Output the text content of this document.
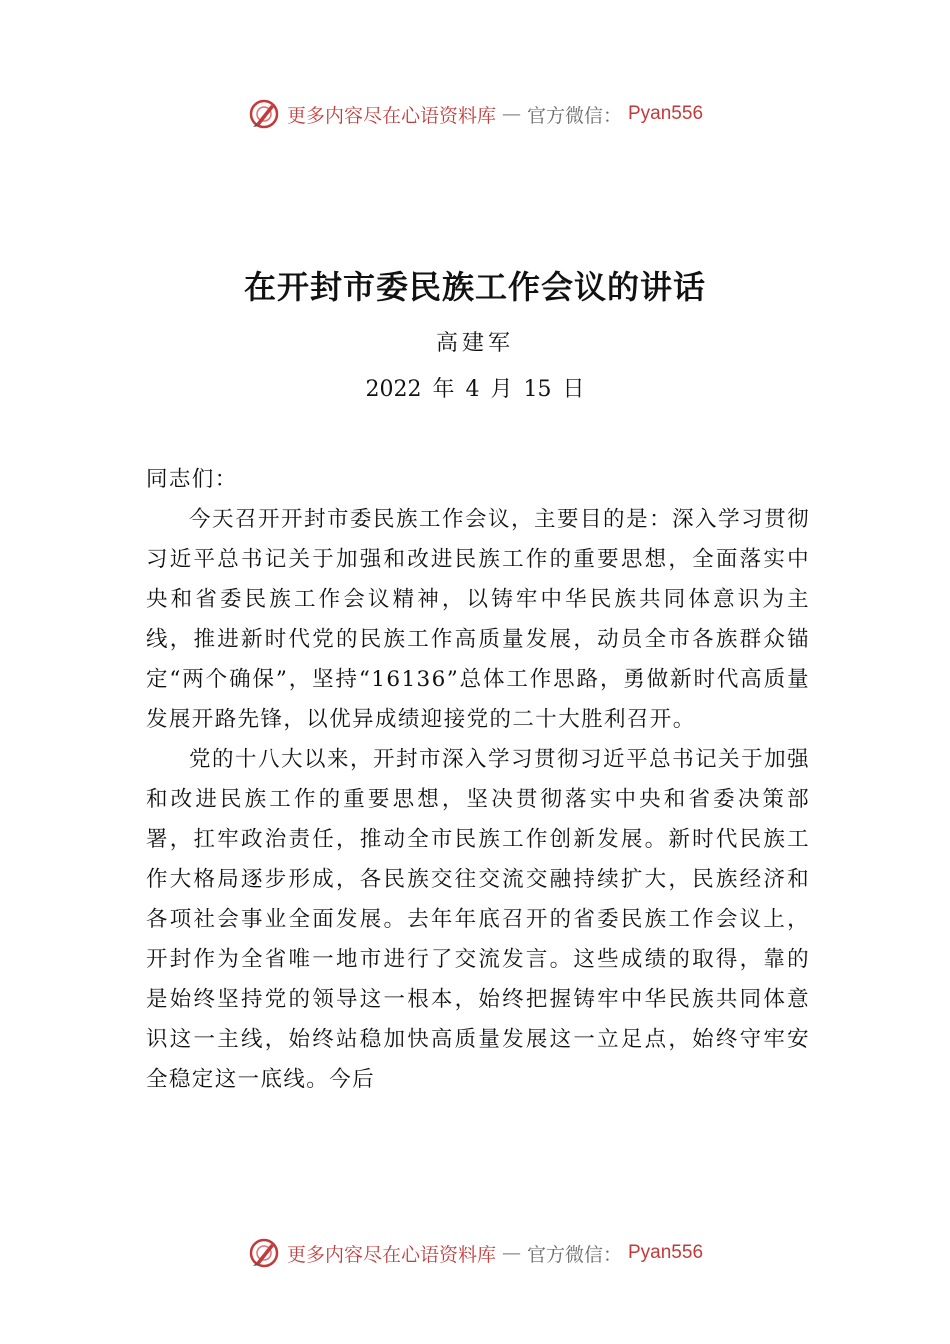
更多内容尽在心语资料库 — 官方微信： Pyan556
在开封市委民族工作会议的讲话
高建军
2022 年 4 月 15 日

同志们：

今天召开开封市委民族工作会议，主要目的是：深入学习贯彻习近平总书记关于加强和改进民族工作的重要思想，全面落实中央和省委民族工作会议精神，以铸牢中华民族共同体意识为主线，推进新时代党的民族工作高质量发展，动员全市各族群众锚定“两个确保”，坚持“16136”总体工作思路，勇做新时代高质量发展开路先锋，以优异成绩迎接党的二十大胜利召开。

党的十八大以来，开封市深入学习贯彻习近平总书记关于加强和改进民族工作的重要思想，坚决贯彻落实中央和省委决策部署，扛牢政治责任，推动全市民族工作创新发展。新时代民族工作大格局逐步形成，各民族交往交流交融持续扩大，民族经济和各项社会事业全面发展。去年年底召开的省委民族工作会议上，开封作为全省唯一地市进行了交流发言。这些成绩的取得，靠的是始终坚持党的领导这一根本，始终把握铸牢中华民族共同体意识这一主线，始终站稳加快高质量发展这一立足点，始终守牢安全稳定这一底线。今后

更多内容尽在心语资料库 — 官方微信： Pyan556
